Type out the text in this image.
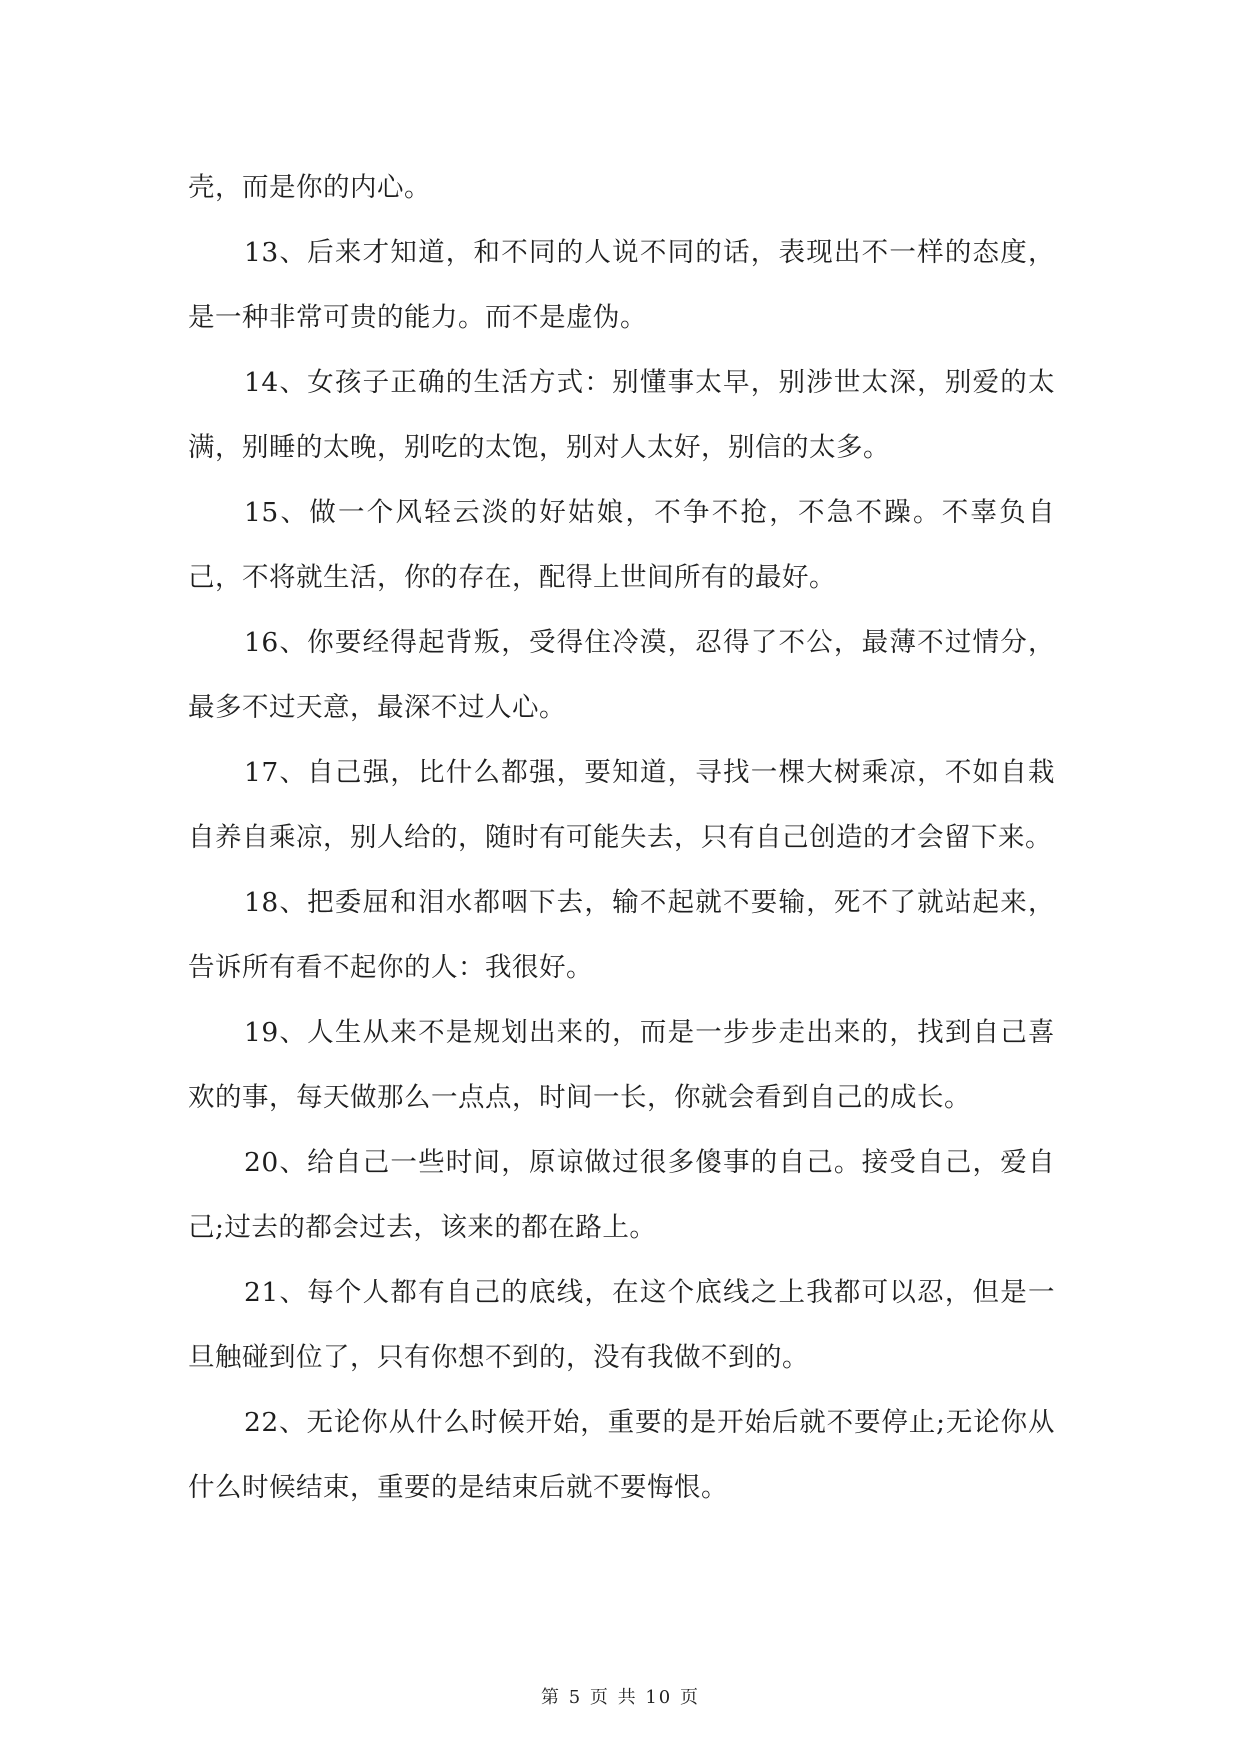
壳，而是你的内心。

13、后来才知道，和不同的人说不同的话，表现出不一样的态度，是一种非常可贵的能力。而不是虚伪。

14、女孩子正确的生活方式：别懂事太早，别涉世太深，别爱的太满，别睡的太晚，别吃的太饱，别对人太好，别信的太多。

15、做一个风轻云淡的好姑娘，不争不抢，不急不躁。不辜负自己，不将就生活，你的存在，配得上世间所有的最好。

16、你要经得起背叛，受得住冷漠，忍得了不公，最薄不过情分，最多不过天意，最深不过人心。

17、自己强，比什么都强，要知道，寻找一棵大树乘凉，不如自栽自养自乘凉，别人给的，随时有可能失去，只有自己创造的才会留下来。

18、把委屈和泪水都咽下去，输不起就不要输，死不了就站起来，告诉所有看不起你的人：我很好。

19、人生从来不是规划出来的，而是一步步走出来的，找到自己喜欢的事，每天做那么一点点，时间一长，你就会看到自己的成长。

20、给自己一些时间，原谅做过很多傻事的自己。接受自己，爱自己;过去的都会过去，该来的都在路上。

21、每个人都有自己的底线，在这个底线之上我都可以忍，但是一旦触碰到位了，只有你想不到的，没有我做不到的。

22、无论你从什么时候开始，重要的是开始后就不要停止;无论你从什么时候结束，重要的是结束后就不要悔恨。

第 5 页 共 10 页
